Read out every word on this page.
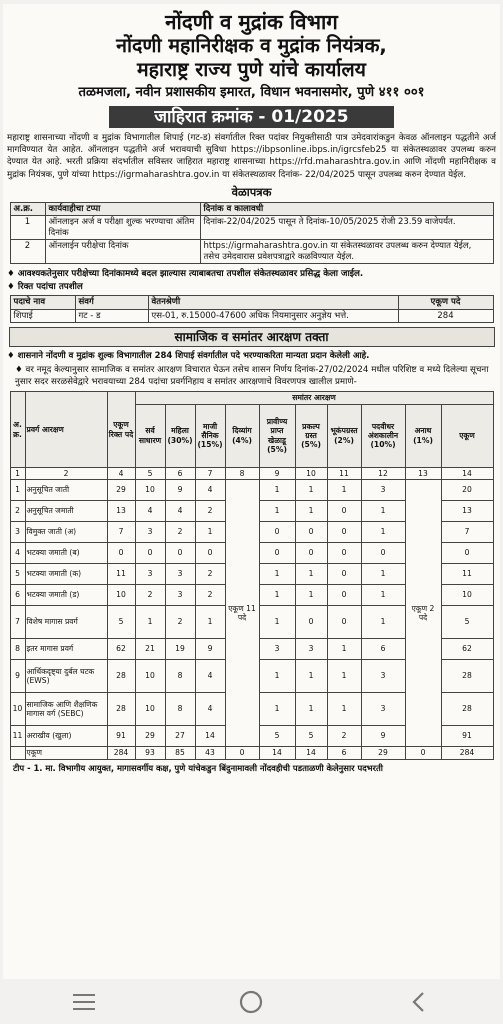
नोंदणी व मुद्रांक विभाग
नोंदणी महानिरीक्षक व मुद्रांक नियंत्रक,
महाराष्ट्र राज्य पुणे यांचे कार्यालय
तळमजला, नवीन प्रशासकीय इमारत, विधान भवनासमोर, पुणे ४११ ००१
जाहिरात क्रमांक - 01/2025
महाराष्ट्र शासनाच्या नोंदणी व मुद्रांक विभागातील शिपाई (गट-ड) संवर्गातील रिक्त पदांवर नियुक्तीसाठी पात्र उमेदवारांकडुन केवळ ऑनलाइन पद्धतीने अर्ज मागविण्यात येत आहेत. ऑनलाइन पद्धतीने अर्ज भरावयाची सुविधा https://ibpsonline.ibps.in/igrcsfeb25 या संकेतस्थळावर उपलब्ध करुन देण्यात येत आहे. भरती प्रक्रिया संदर्भातील सविस्तर जाहिरात महाराष्ट्र शासनाच्या https://rfd.maharashtra.gov.in आणि नोंदणी महानिरीक्षक व मुद्रांक नियंत्रक, पुणे यांच्या https://igrmaharashtra.gov.in या संकेतस्थळावर दिनांक- 22/04/2025 पासून उपलब्ध करुन देण्यात येईल.
वेळापत्रक
अ.क्र.	कार्यवाहीचा टप्पा	दिनांक व कालावधी
1	ऑनलाइन अर्ज व परीक्षा शुल्क भरण्याचा अंतिम दिनांक	दिनांक-22/04/2025 पासून ते दिनांक-10/05/2025 रोजी 23.59 वाजेपर्यंत.
2	ऑनलाईन परीक्षेचा दिनांक	https://igrmaharashtra.gov.in या संकेतस्थळावर उपलब्ध करुन देण्यात येईल, तसेच उमेदवारास प्रवेशपत्राद्वारे कळविण्यात येईल.
♦ आवश्यकतेनुसार परीक्षेच्या दिनांकामध्ये बदल झाल्यास त्याबाबतचा तपशील संकेतस्थळावर प्रसिद्ध केला जाईल.
♦ रिक्त पदांचा तपशील
पदाचे नाव	संवर्ग	वेतनश्रेणी	एकूण पदे
शिपाई	गट - ड	एस-01, रु.15000-47600 अधिक नियमानुसार अनुज्ञेय भत्ते.	284
सामाजिक व समांतर आरक्षण तक्ता
♦ शासनाने नोंदणी व मुद्रांक शुल्क विभागातील 284 शिपाई संवर्गातील पदे भरण्याकरिता मान्यता प्रदान केलेली आहे.
♦ वर नमूद केल्यानुसार सामाजिक व समांतर आरक्षण विचारात घेऊन तसेच शासन निर्णय दिनांक-27/02/2024 मधील परिशिष्ट व मध्ये दिलेल्या सूचना नुसार सदर सरळसेवेद्वारे भरावयाच्या 284 पदांचा प्रवर्गनिहाय व समांतर आरक्षणाचे विवरणपत्र खालील प्रमाणे-
अ. क्र.	प्रवर्ग आरक्षण	एकूण रिक्त पदे	समांतर आरक्षण									
			सर्व साधारण	महिला (30%)	माजी सैनिक (15%)	दिव्यांग (4%)	प्रावीण्य प्राप्त खेळाडू (5%)	प्रकल्प ग्रस्त (5%)	भूकंपग्रस्त (2%)	पदवीधर अंशकालीन (10%)	अनाथ (1%)	एकूण
1	2	4	5	6	7	8	9	10	11	12	13	14
1	अनुसूचित जाती	29	10	9	4	एकूण 11 पदे	1	1	1	3	एकूण 2 पदे	20
2	अनुसूचित जमाती	13	4	4	2		1	1	0	1		13
3	विमुक्त जाती (अ)	7	3	2	1		0	0	0	1		7
4	भटक्या जमाती (ब)	0	0	0	0		0	0	0	0		0
5	भटक्या जमाती (क)	11	3	3	2		1	1	0	1		11
6	भटक्या जमाती (ड)	10	2	3	2		1	1	0	1		10
7	विशेष मागास प्रवर्ग	5	1	2	1		1	0	0	1		5
8	इतर मागास प्रवर्ग	62	21	19	9		3	3	1	6		62
9	आर्थिकदृष्ट्या दुर्बल घटक (EWS)	28	10	8	4		1	1	1	3		28
10	सामाजिक आणि शैक्षणिक मागास वर्ग (SEBC)	28	10	8	4		1	1	1	3		28
11	अराखीव (खुला)	91	29	27	14		5	5	2	9		91
	एकूण	284	93	85	43	0	14	14	6	29	0	284
टीप - 1. मा. विभागीय आयुक्त, मागासवर्गीय कक्ष, पुणे यांचेकडुन बिंदुनामावली नोंदवहीची पडताळणी केलेनुसार पदभरती
